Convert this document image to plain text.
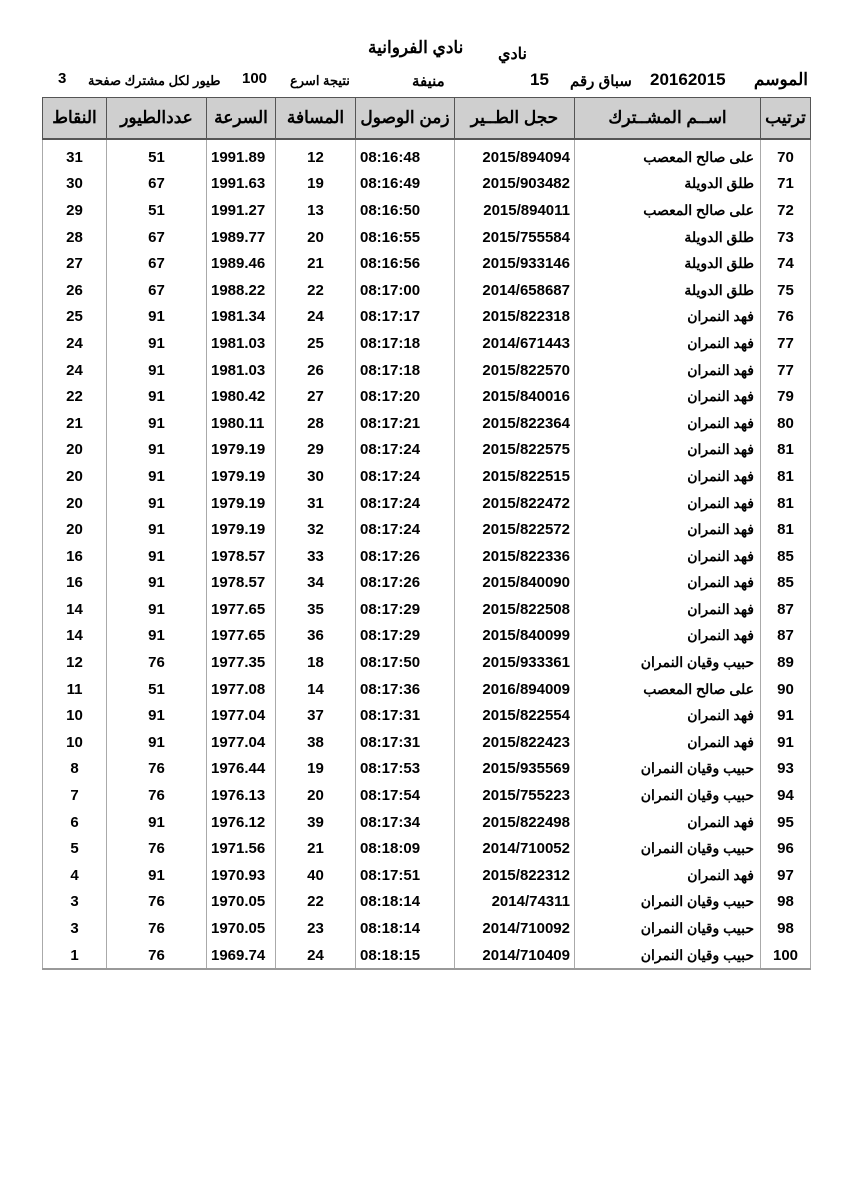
نادي
نادي الفروانية
الموسم
20162015
سباق رقم
15
منيفة
نتيجة اسرع
100
طيور لكل مشترك صفحة
3
ترتيب	اســم المشــترك	حجل الطــير	زمن الوصول	المسافة	السرعة	عددالطيور	النقاط
70	على صالح المعصب	2015/894094	08:16:48	12	1991.89	51	31
71	طلق الدويلة	2015/903482	08:16:49	19	1991.63	67	30
72	على صالح المعصب	2015/894011	08:16:50	13	1991.27	51	29
73	طلق الدويلة	2015/755584	08:16:55	20	1989.77	67	28
74	طلق الدويلة	2015/933146	08:16:56	21	1989.46	67	27
75	طلق الدويلة	2014/658687	08:17:00	22	1988.22	67	26
76	فهد النمران	2015/822318	08:17:17	24	1981.34	91	25
77	فهد النمران	2014/671443	08:17:18	25	1981.03	91	24
77	فهد النمران	2015/822570	08:17:18	26	1981.03	91	24
79	فهد النمران	2015/840016	08:17:20	27	1980.42	91	22
80	فهد النمران	2015/822364	08:17:21	28	1980.11	91	21
81	فهد النمران	2015/822575	08:17:24	29	1979.19	91	20
81	فهد النمران	2015/822515	08:17:24	30	1979.19	91	20
81	فهد النمران	2015/822472	08:17:24	31	1979.19	91	20
81	فهد النمران	2015/822572	08:17:24	32	1979.19	91	20
85	فهد النمران	2015/822336	08:17:26	33	1978.57	91	16
85	فهد النمران	2015/840090	08:17:26	34	1978.57	91	16
87	فهد النمران	2015/822508	08:17:29	35	1977.65	91	14
87	فهد النمران	2015/840099	08:17:29	36	1977.65	91	14
89	حبيب وقيان النمران	2015/933361	08:17:50	18	1977.35	76	12
90	على صالح المعصب	2016/894009	08:17:36	14	1977.08	51	11
91	فهد النمران	2015/822554	08:17:31	37	1977.04	91	10
91	فهد النمران	2015/822423	08:17:31	38	1977.04	91	10
93	حبيب وقيان النمران	2015/935569	08:17:53	19	1976.44	76	8
94	حبيب وقيان النمران	2015/755223	08:17:54	20	1976.13	76	7
95	فهد النمران	2015/822498	08:17:34	39	1976.12	91	6
96	حبيب وقيان النمران	2014/710052	08:18:09	21	1971.56	76	5
97	فهد النمران	2015/822312	08:17:51	40	1970.93	91	4
98	حبيب وقيان النمران	2014/74311	08:18:14	22	1970.05	76	3
98	حبيب وقيان النمران	2014/710092	08:18:14	23	1970.05	76	3
100	حبيب وقيان النمران	2014/710409	08:18:15	24	1969.74	76	1
